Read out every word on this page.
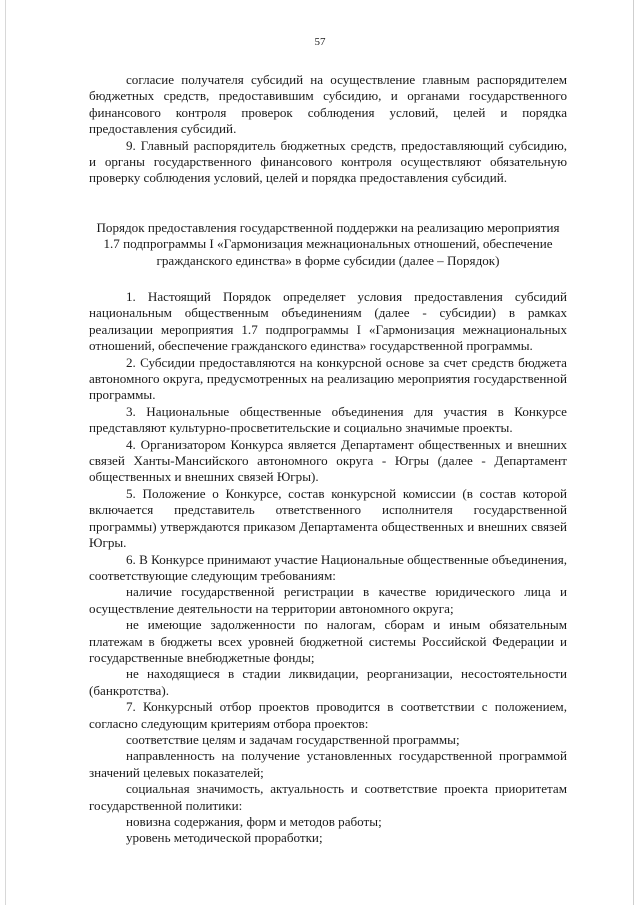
57

согласие получателя субсидий на осуществление главным распорядителем бюджетных средств, предоставившим субсидию, и органами государственного финансового контроля проверок соблюдения условий, целей и порядка предоставления субсидий.

9. Главный распорядитель бюджетных средств, предоставляющий субсидию, и органы государственного финансового контроля осуществляют обязательную проверку соблюдения условий, целей и порядка предоставления субсидий.

Порядок предоставления государственной поддержки на реализацию мероприятия 1.7 подпрограммы I «Гармонизация межнациональных отношений, обеспечение гражданского единства» в форме субсидии (далее – Порядок)

1. Настоящий Порядок определяет условия предоставления субсидий национальным общественным объединениям (далее - субсидии) в рамках реализации мероприятия 1.7 подпрограммы I «Гармонизация межнациональных отношений, обеспечение гражданского единства» государственной программы.

2. Субсидии предоставляются на конкурсной основе за счет средств бюджета автономного округа, предусмотренных на реализацию мероприятия государственной программы.

3. Национальные общественные объединения для участия в Конкурсе представляют культурно-просветительские и социально значимые проекты.

4. Организатором Конкурса является Департамент общественных и внешних связей Ханты-Мансийского автономного округа - Югры (далее - Департамент общественных и внешних связей Югры).

5. Положение о Конкурсе, состав конкурсной комиссии (в состав которой включается представитель ответственного исполнителя государственной программы) утверждаются приказом Департамента общественных и внешних связей Югры.

6. В Конкурсе принимают участие Национальные общественные объединения, соответствующие следующим требованиям:

наличие государственной регистрации в качестве юридического лица и осуществление деятельности на территории автономного округа;

не имеющие задолженности по налогам, сборам и иным обязательным платежам в бюджеты всех уровней бюджетной системы Российской Федерации и государственные внебюджетные фонды;

не находящиеся в стадии ликвидации, реорганизации, несостоятельности (банкротства).

7. Конкурсный отбор проектов проводится в соответствии с положением, согласно следующим критериям отбора проектов:

соответствие целям и задачам государственной программы;

направленность на получение установленных государственной программой значений целевых показателей;

социальная значимость, актуальность и соответствие проекта приоритетам государственной политики:

новизна содержания, форм и методов работы;

уровень методической проработки;
